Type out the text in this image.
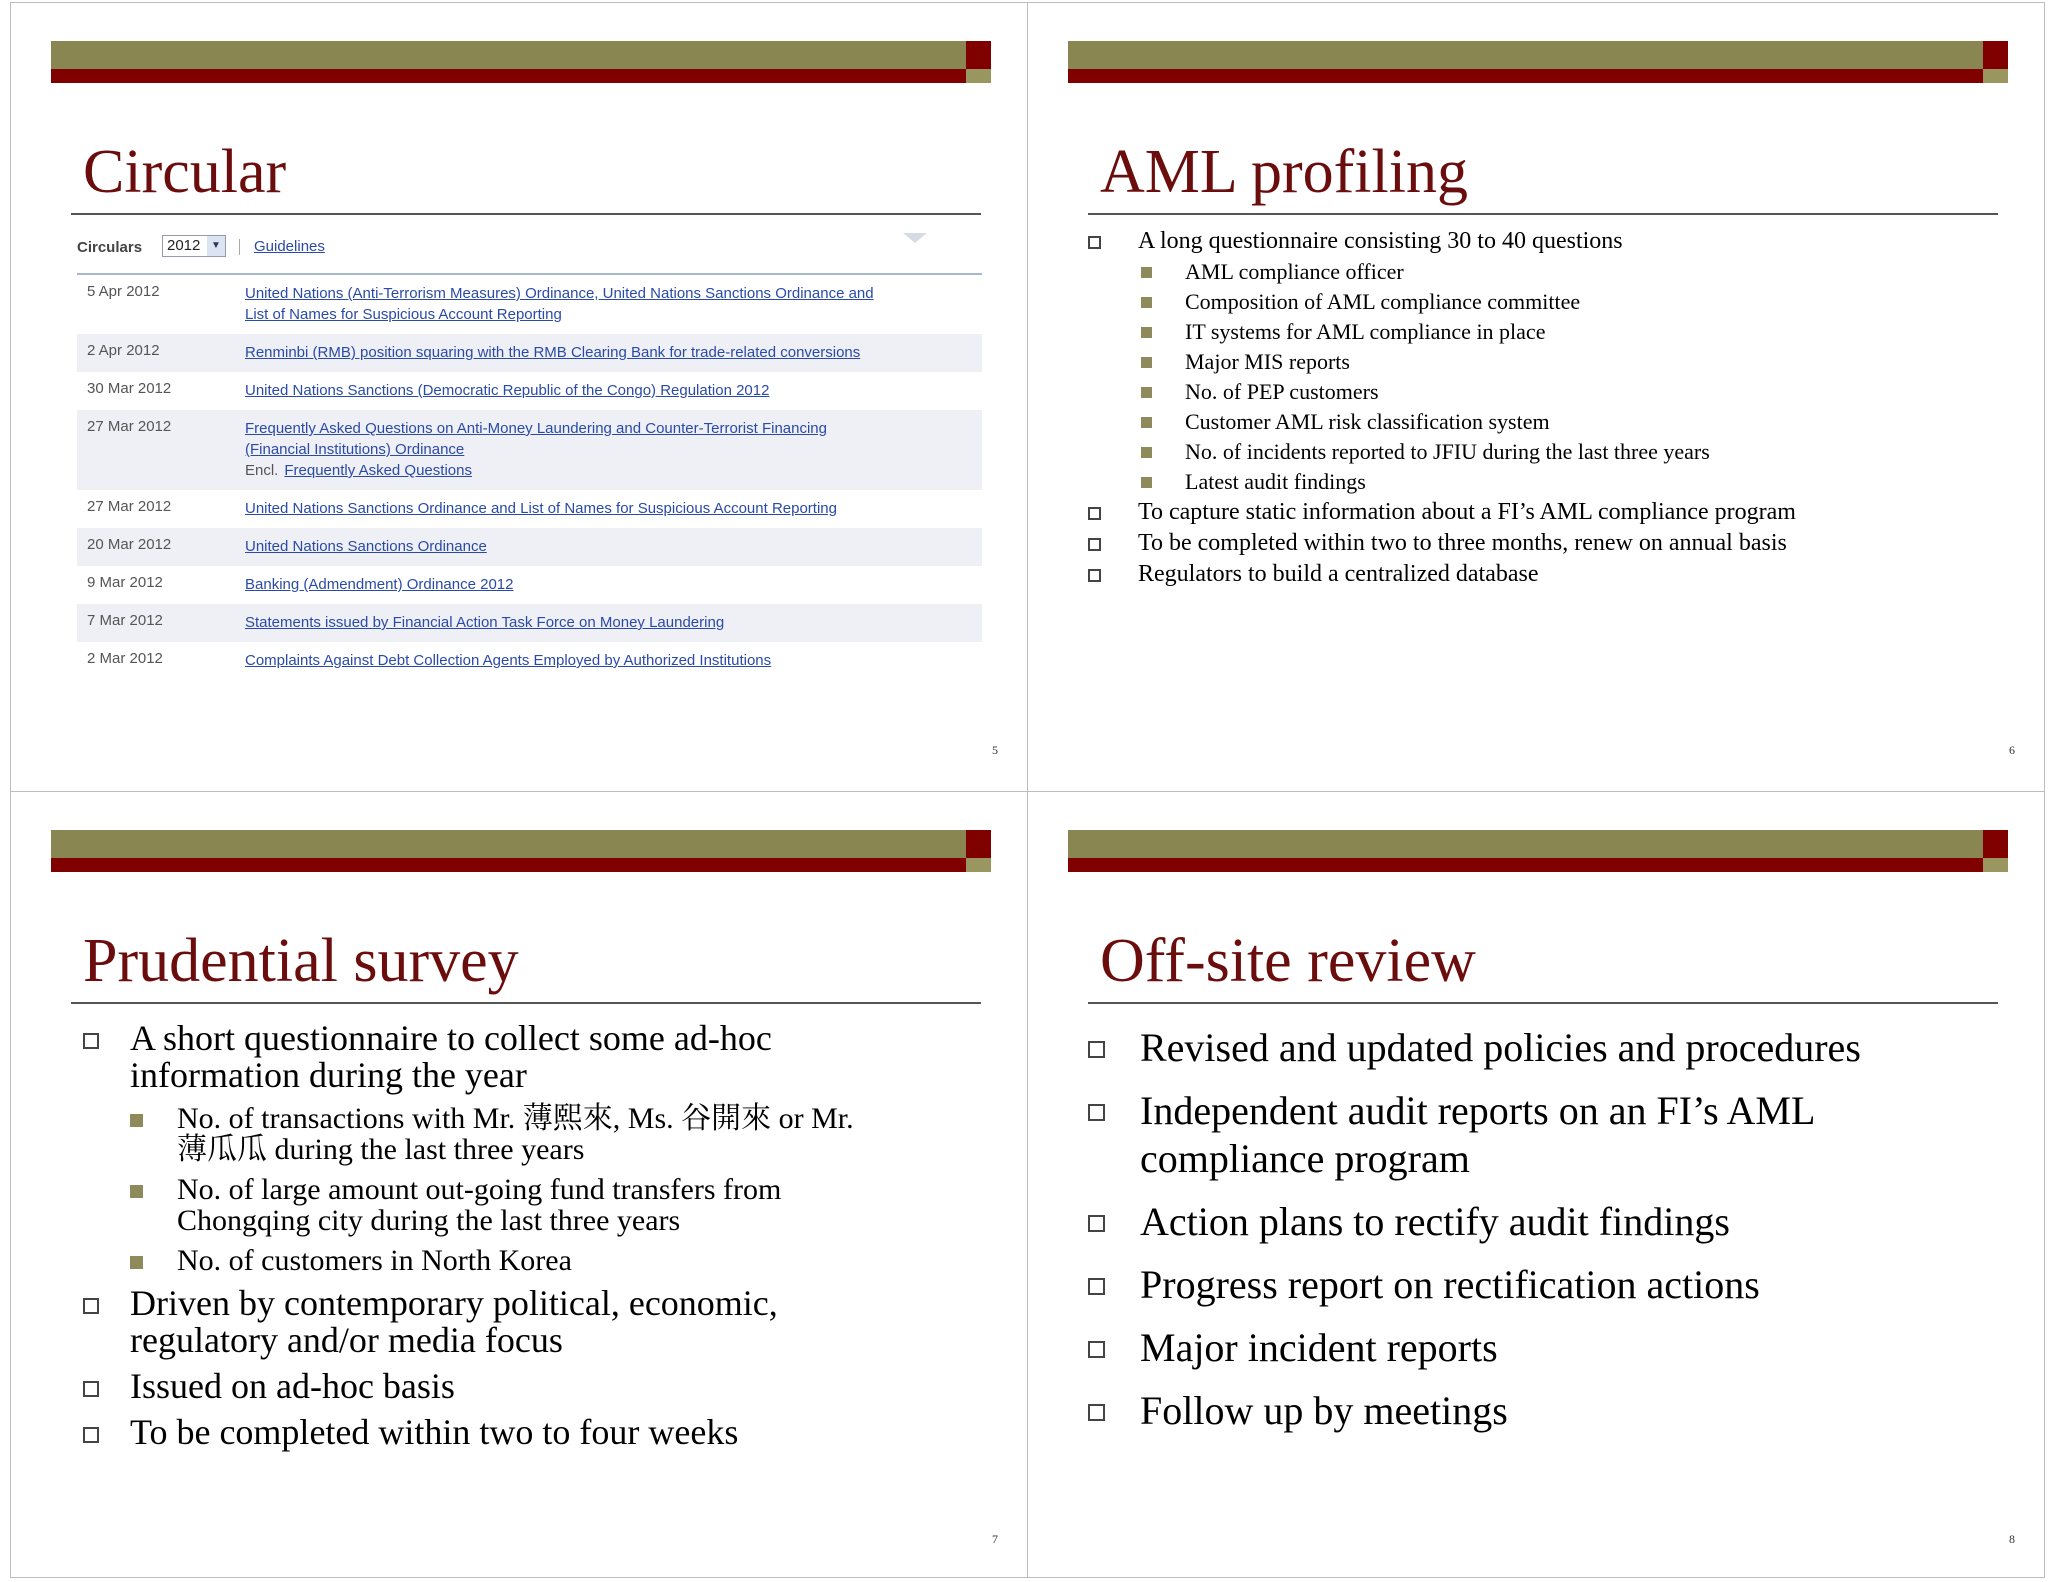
Circular
Circulars	2012	▼ Guidelines
5 Apr 2012	United Nations (Anti-Terrorism Measures) Ordinance, United Nations Sanctions Ordinance and
List of Names for Suspicious Account Reporting
2 Apr 2012	Renminbi (RMB) position squaring with the RMB Clearing Bank for trade-related conversions
30 Mar 2012	United Nations Sanctions (Democratic Republic of the Congo) Regulation 2012
27 Mar 2012	Frequently Asked Questions on Anti-Money Laundering and Counter-Terrorist Financing
(Financial Institutions) Ordinance
Encl. Frequently Asked Questions
27 Mar 2012	United Nations Sanctions Ordinance and List of Names for Suspicious Account Reporting
20 Mar 2012	United Nations Sanctions Ordinance
9 Mar 2012	Banking (Admendment) Ordinance 2012
7 Mar 2012	Statements issued by Financial Action Task Force on Money Laundering
2 Mar 2012	Complaints Against Debt Collection Agents Employed by Authorized Institutions
5
AML profiling
A long questionnaire consisting 30 to 40 questions
AML compliance officer
Composition of AML compliance committee
IT systems for AML compliance in place
Major MIS reports
No. of PEP customers
Customer AML risk classification system
No. of incidents reported to JFIU during the last three years
Latest audit findings
To capture static information about a FI’s AML compliance program
To be completed within two to three months, renew on annual basis
Regulators to build a centralized database
6
Prudential survey
A short questionnaire to collect some ad-hoc
information during the year
No. of transactions with Mr. 薄熙來, Ms. 谷開來 or Mr.
薄瓜瓜 during the last three years
No. of large amount out-going fund transfers from
Chongqing city during the last three years
No. of customers in North Korea
Driven by contemporary political, economic,
regulatory and/or media focus
Issued on ad-hoc basis
To be completed within two to four weeks
7
Off-site review
Revised and updated policies and procedures
Independent audit reports on an FI’s AML
compliance program
Action plans to rectify audit findings
Progress report on rectification actions
Major incident reports
Follow up by meetings
8
